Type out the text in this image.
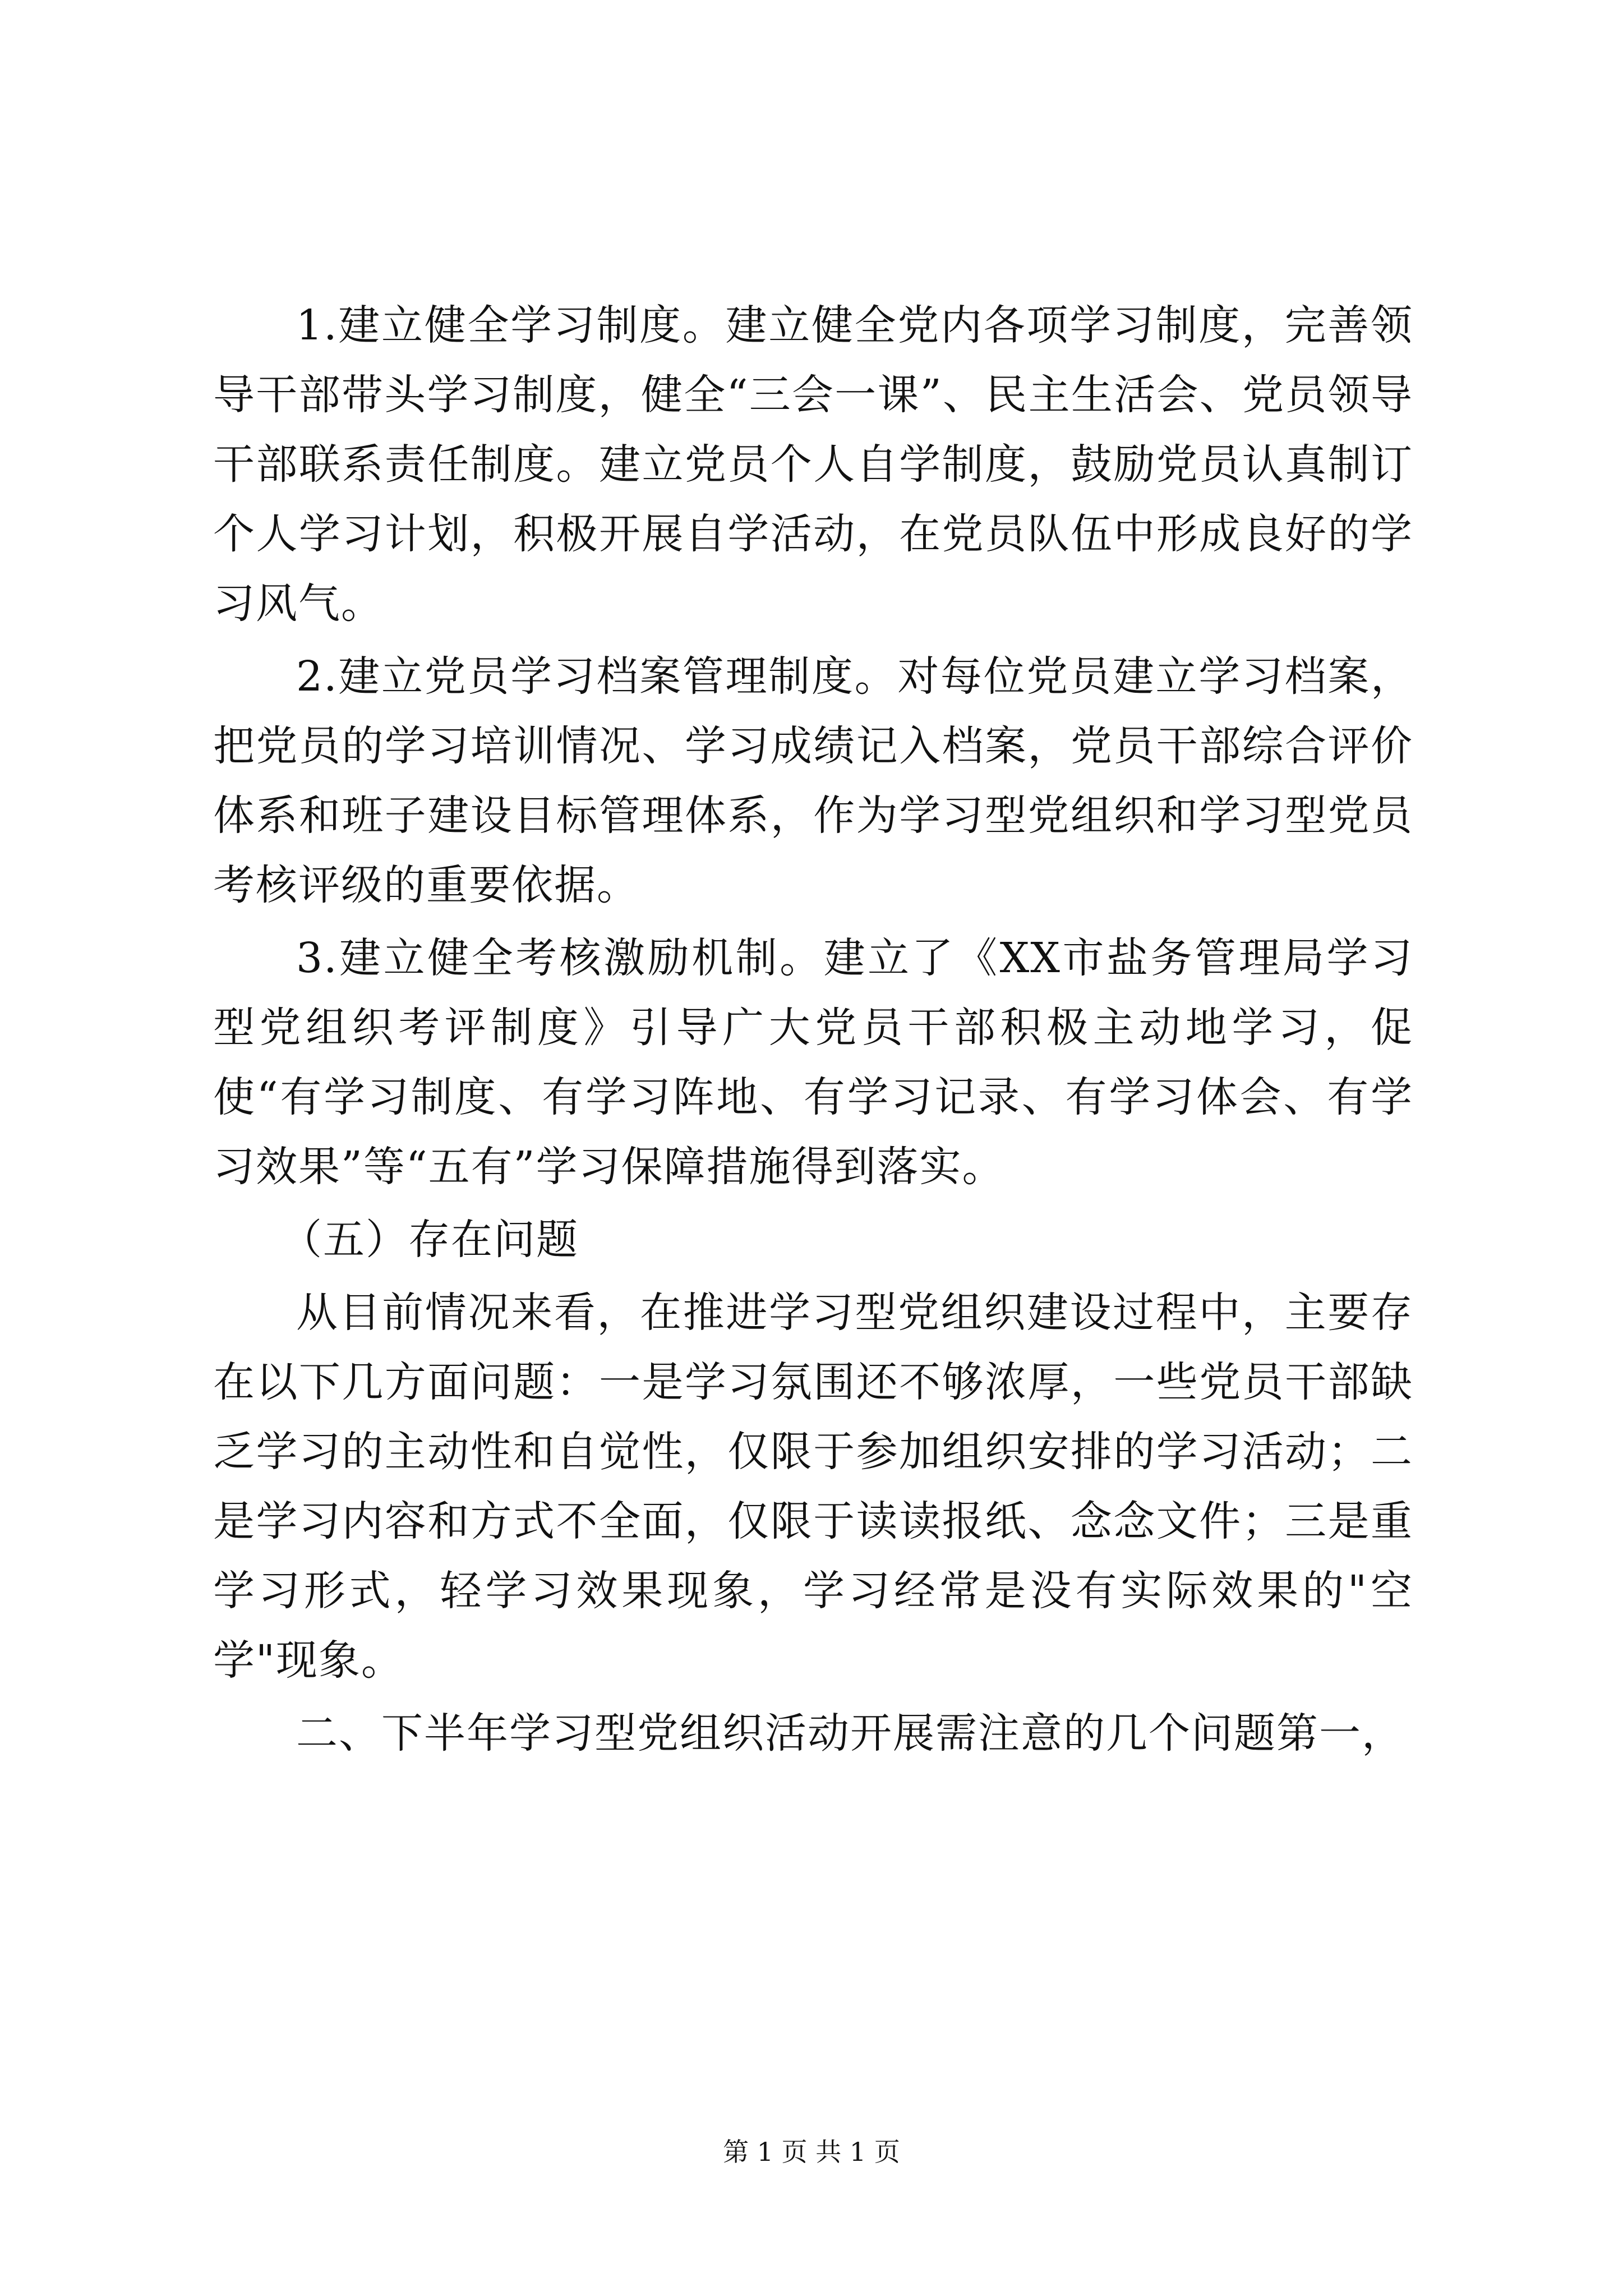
1.建立健全学习制度。建立健全党内各项学习制度，完善领导干部带头学习制度，健全“三会一课”、民主生活会、党员领导干部联系责任制度。建立党员个人自学制度，鼓励党员认真制订个人学习计划，积极开展自学活动，在党员队伍中形成良好的学习风气。

2.建立党员学习档案管理制度。对每位党员建立学习档案，把党员的学习培训情况、学习成绩记入档案，党员干部综合评价体系和班子建设目标管理体系，作为学习型党组织和学习型党员考核评级的重要依据。

3.建立健全考核激励机制。建立了《XX市盐务管理局学习型党组织考评制度》引导广大党员干部积极主动地学习，促使“有学习制度、有学习阵地、有学习记录、有学习体会、有学习效果”等“五有”学习保障措施得到落实。

（五）存在问题

从目前情况来看，在推进学习型党组织建设过程中，主要存在以下几方面问题：一是学习氛围还不够浓厚，一些党员干部缺乏学习的主动性和自觉性，仅限于参加组织安排的学习活动；二是学习内容和方式不全面，仅限于读读报纸、念念文件；三是重学习形式，轻学习效果现象，学习经常是没有实际效果的"空学"现象。

二、下半年学习型党组织活动开展需注意的几个问题第一，

第 1 页 共 1 页
